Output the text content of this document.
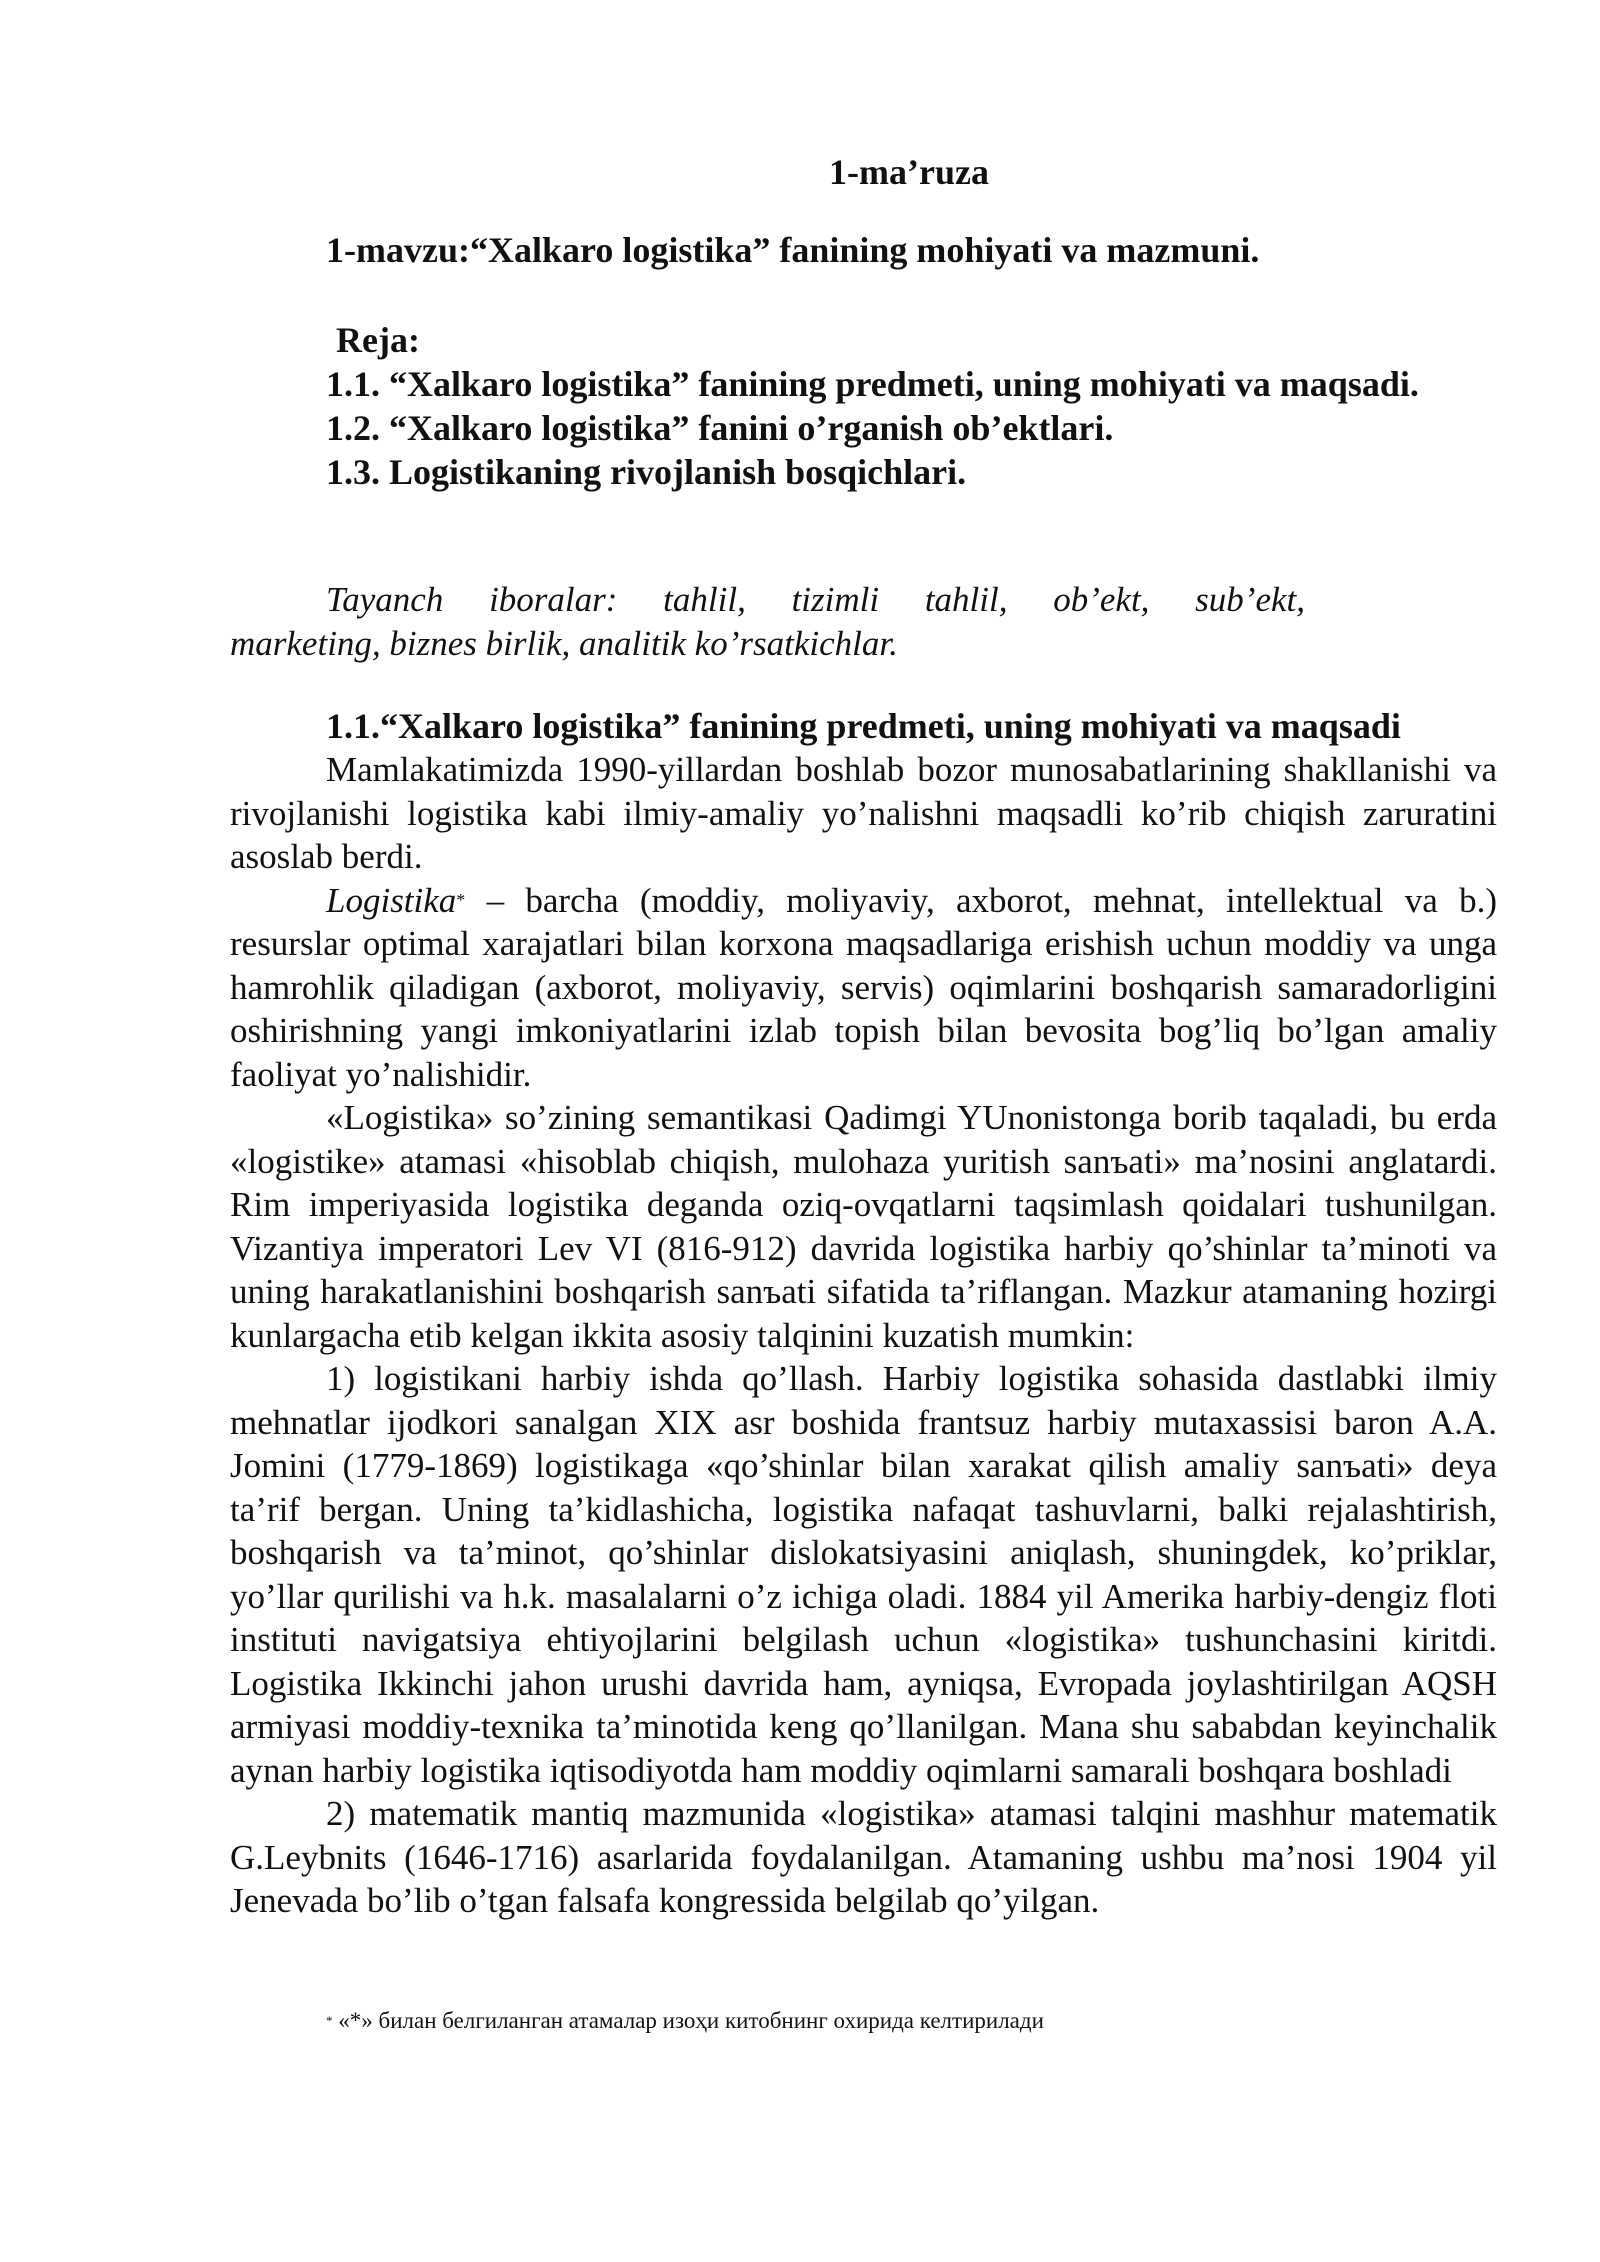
1-ma’ruza
1-mavzu:“Xalkaro logistika” fanining mohiyati va mazmuni.
Reja:
1.1. “Xalkaro logistika” fanining predmeti, uning mohiyati va maqsadi.
1.2. “Xalkaro logistika” fanini o’rganish ob’ektlari.
1.3. Logistikaning rivojlanish bosqichlari.
Tayanch iboralar: tahlil, tizimli tahlil, ob’ekt, sub’ekt,
marketing, biznes birlik, analitik ko’rsatkichlar.
1.1.“Xalkaro logistika” fanining predmeti, uning mohiyati va maqsadi

Mamlakatimizda 1990-yillardan boshlab bozor munosabatlarining shakllanishi va rivojlanishi logistika kabi ilmiy-amaliy yo’nalishni maqsadli ko’rib chiqish zaruratini asoslab berdi.

Logistika* – barcha (moddiy, moliyaviy, axborot, mehnat, intellektual va b.) resurslar optimal xarajatlari bilan korxona maqsadlariga erishish uchun moddiy va unga hamrohlik qiladigan (axborot, moliyaviy, servis) oqimlarini boshqarish samaradorligini oshirishning yangi imkoniyatlarini izlab topish bilan bevosita bog’liq bo’lgan amaliy faoliyat yo’nalishidir.

«Logistika» so’zining semantikasi Qadimgi YUnonistonga borib taqaladi, bu erda «logistike» atamasi «hisoblab chiqish, mulohaza yuritish sanъati» ma’nosini anglatardi. Rim imperiyasida logistika deganda oziq-ovqatlarni taqsimlash qoidalari tushunilgan. Vizantiya imperatori Lev VI (816-912) davrida logistika harbiy qo’shinlar ta’minoti va uning harakatlanishini boshqarish sanъati sifatida ta’riflangan. Mazkur atamaning hozirgi kunlargacha etib kelgan ikkita asosiy talqinini kuzatish mumkin:

1) logistikani harbiy ishda qo’llash. Harbiy logistika sohasida dastlabki ilmiy mehnatlar ijodkori sanalgan XIX asr boshida frantsuz harbiy mutaxassisi baron A.A. Jomini (1779-1869) logistikaga «qo’shinlar bilan xarakat qilish amaliy sanъati» deya ta’rif bergan. Uning ta’kidlashicha, logistika nafaqat tashuvlarni, balki rejalashtirish, boshqarish va ta’minot, qo’shinlar dislokatsiyasini aniqlash, shuningdek, ko’priklar, yo’llar qurilishi va h.k. masalalarni o’z ichiga oladi. 1884 yil Amerika harbiy-dengiz floti instituti navigatsiya ehtiyojlarini belgilash uchun «logistika» tushunchasini kiritdi. Logistika Ikkinchi jahon urushi davrida ham, ayniqsa, Evropada joylashtirilgan AQSH armiyasi moddiy-texnika ta’minotida keng qo’llanilgan. Mana shu sababdan keyinchalik aynan harbiy logistika iqtisodiyotda ham moddiy oqimlarni samarali boshqara boshladi

2) matematik mantiq mazmunida «logistika» atamasi talqini mashhur matematik G.Leybnits (1646-1716) asarlarida foydalanilgan. Atamaning ushbu ma’nosi 1904 yil Jenevada bo’lib o’tgan falsafa kongressida belgilab qo’yilgan.

* «*» билан белгиланган атамалар изоҳи китобнинг охирида келтирилади
